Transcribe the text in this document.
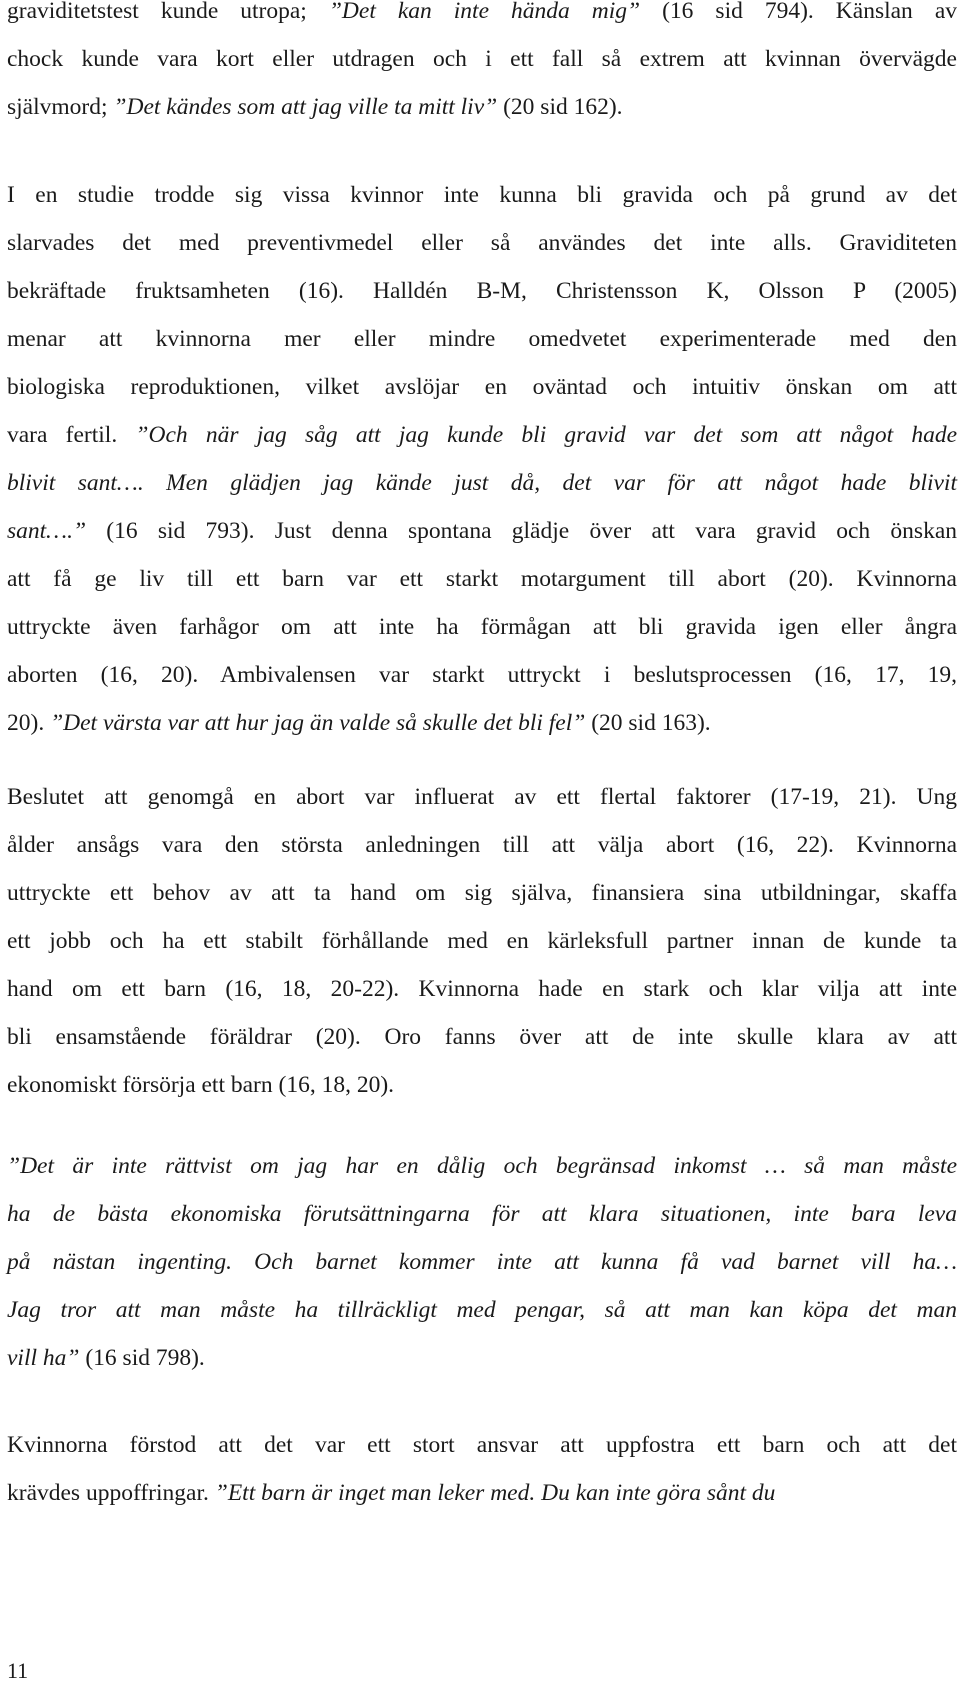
graviditetstest kunde utropa; ”Det kan inte hända mig” (16 sid 794). Känslan av
chock kunde vara kort eller utdragen och i ett fall så extrem att kvinnan övervägde
självmord; ”Det kändes som att jag ville ta mitt liv” (20 sid 162).
I en studie trodde sig vissa kvinnor inte kunna bli gravida och på grund av det
slarvades det med preventivmedel eller så användes det inte alls. Graviditeten
bekräftade fruktsamheten (16). Halldén B-M, Christensson K, Olsson P (2005)
menar att kvinnorna mer eller mindre omedvetet experimenterade med den
biologiska reproduktionen, vilket avslöjar en oväntad och intuitiv önskan om att
vara fertil. ”Och när jag såg att jag kunde bli gravid var det som att något hade
blivit sant…. Men glädjen jag kände just då, det var för att något hade blivit
sant….” (16 sid 793). Just denna spontana glädje över att vara gravid och önskan
att få ge liv till ett barn var ett starkt motargument till abort (20). Kvinnorna
uttryckte även farhågor om att inte ha förmågan att bli gravida igen eller ångra
aborten (16, 20). Ambivalensen var starkt uttryckt i beslutsprocessen (16, 17, 19,
20). ”Det värsta var att hur jag än valde så skulle det bli fel” (20 sid 163).
Beslutet att genomgå en abort var influerat av ett flertal faktorer (17-19, 21). Ung
ålder ansågs vara den största anledningen till att välja abort (16, 22). Kvinnorna
uttryckte ett behov av att ta hand om sig själva, finansiera sina utbildningar, skaffa
ett jobb och ha ett stabilt förhållande med en kärleksfull partner innan de kunde ta
hand om ett barn (16, 18, 20-22). Kvinnorna hade en stark och klar vilja att inte
bli ensamstående föräldrar (20). Oro fanns över att de inte skulle klara av att
ekonomiskt försörja ett barn (16, 18, 20).
”Det är inte rättvist om jag har en dålig och begränsad inkomst … så man måste
ha de bästa ekonomiska förutsättningarna för att klara situationen, inte bara leva
på nästan ingenting. Och barnet kommer inte att kunna få vad barnet vill ha…
Jag tror att man måste ha tillräckligt med pengar, så att man kan köpa det man
vill ha” (16 sid 798).
Kvinnorna förstod att det var ett stort ansvar att uppfostra ett barn och att det
krävdes uppoffringar. ”Ett barn är inget man leker med. Du kan inte göra sånt du
11
